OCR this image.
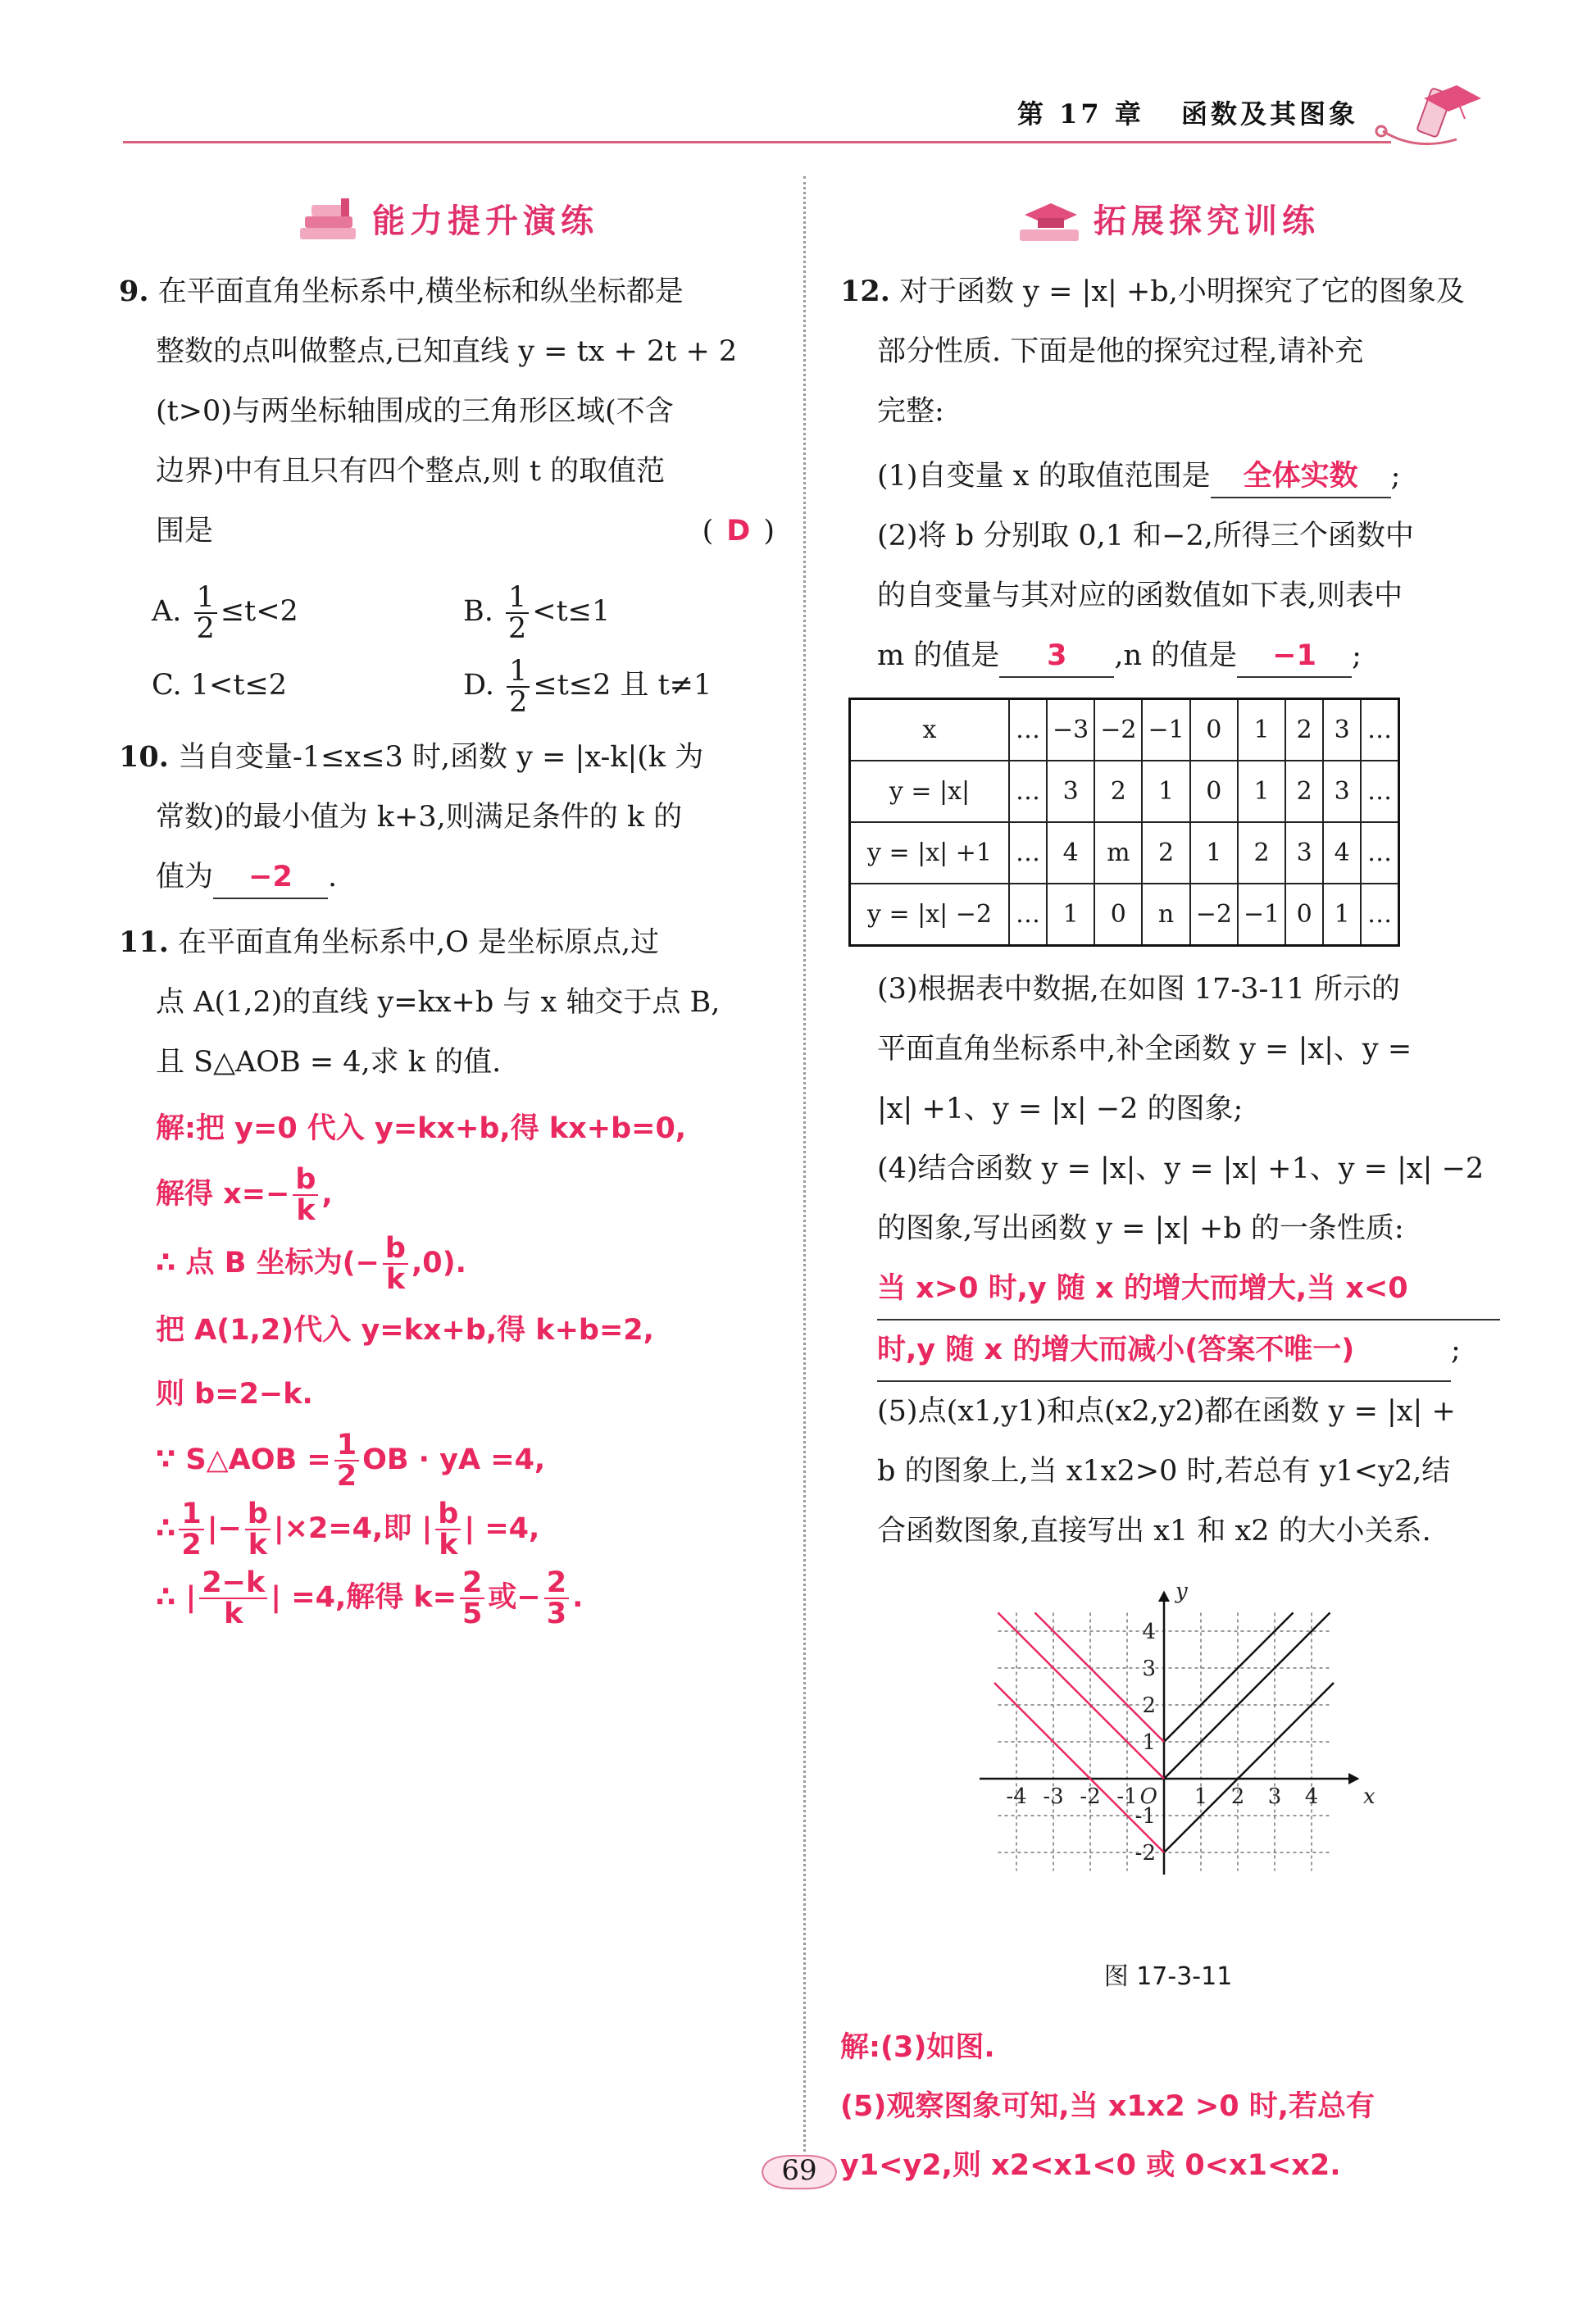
第 17 章 函数及其图象
能力提升演练

9. 在平面直角坐标系中,横坐标和纵坐标都是

整数的点叫做整点,已知直线 y = tx + 2t + 2

(t>0)与两坐标轴围成的三角形区域(不含

边界)中有且只有四个整点,则 t 的取值范

围是	( D )

A. $\frac{1}{2} \le t<2$	B. $\frac{1}{2} <t\le 1$
C. 1<t≤2	D. $\frac{1}{2} \le t\le 2$ 且 t≠1

10. 当自变量-1≤x≤3 时,函数 y = |x-k|(k 为

常数)的最小值为 k+3,则满足条件的 k 的

值为 −2 .

11. 在平面直角坐标系中,O 是坐标原点,过

点 A(1,2)的直线 y=kx+b 与 x 轴交于点 B,

且 S△AOB = 4,求 k 的值.

解:把 y=0 代入 y=kx+b,得 kx+b=0,
解得 $x=- \frac{b}{k}$ ,
∴ 点 B 坐标为(− $\frac{b}{k} ,0$).
把 A(1,2)代入 y=kx+b,得 k+b=2,
则 b=2−k.
∵ S△AOB = $\frac{1}{2}$ OB · yA =4,
∴ $\frac{1}{2}$ |− $\frac{b}{k} |\times 2=4$,即 | $\frac{b}{k}$ | =4,
∴ | $\frac{2-k}{k}$ | =4,解得 $k= \frac{2}{5}$ 或− $\frac{2}{3}$ .
拓展探究训练

12. 对于函数 y = |x| +b,小明探究了它的图象及

部分性质. 下面是他的探究过程,请补充

完整:

(1)自变量 x 的取值范围是 全体实数 ;

(2)将 b 分别取 0,1 和−2,所得三个函数中

的自变量与其对应的函数值如下表,则表中

m 的值是 3 ,n 的值是 −1 ;

x	…	−3	−2	−1	0	1	2	3	…
y = |x|	…	3	2	1	0	1	2	3	…
y = |x| +1	…	4	m	2	1	2	3	4	…
y = |x| −2	…	1	0	n	−2	−1	0	1	…

(3)根据表中数据,在如图 17-3-11 所示的

平面直角坐标系中,补全函数 y = |x|、y =

|x| +1、y = |x| −2 的图象;

(4)结合函数 y = |x|、y = |x| +1、y = |x| −2

的图象,写出函数 y = |x| +b 的一条性质:

当 x>0 时,y 随 x 的增大而增大,当 x<0

时,y 随 x 的增大而减小(答案不唯一)	;

(5)点(x1,y1)和点(x2,y2)都在函数 y = |x| +

b 的图象上,当 x1x2>0 时,若总有 y1<y2,结

合函数图象,直接写出 x1 和 x2 的大小关系.

-4 -3 -2 -1	1 2 3 4
4
3
2
1
-1
-2
O	x
y
图 17-3-11
解:(3)如图.
(5)观察图象可知,当 x1x2 >0 时,若总有
y1<y2,则 x2<x1<0 或 0<x1<x2.
69
